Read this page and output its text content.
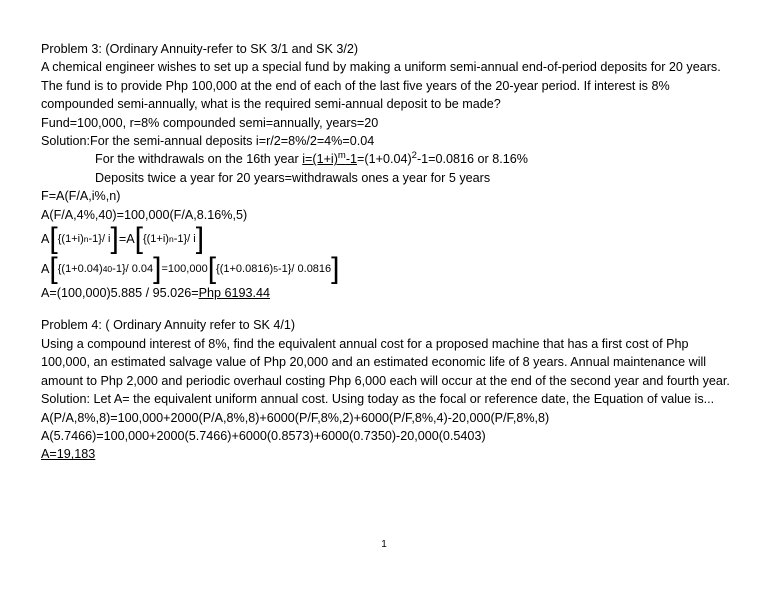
Problem 3: (Ordinary Annuity-refer to SK 3/1 and SK 3/2)
A chemical engineer wishes to set up a special fund by making a uniform semi-annual end-of-period deposits for 20 years. The fund is to provide Php 100,000 at the end of each of the last five years of the 20-year period. If interest is 8% compounded semi-annually, what is the required semi-annual deposit to be made?
Fund=100,000, r=8% compounded semi=annually, years=20
Solution:For the semi-annual deposits i=r/2=8%/2=4%=0.04
For the withdrawals on the 16th year $i=(1+i)^m-1=(1+0.04)^2-1=0.0816$ or 8.16%
Deposits twice a year for 20 years=withdrawals ones a year for 5 years
F=A(F/A,i%,n)
A(F/A,4%,40)=100,000(F/A,8.16%,5)
A [ {(1+i) n -1}/ i ] =A [ {(1+i) n -1}/ i ]
A [ {(1+0.04) 40 -1}/ 0.04 ] =100,000 [ {(1+0.0816) 5 -1}/ 0.0816 ]
A=(100,000)5.885 / 95.026=Php 6193.44
Problem 4: ( Ordinary Annuity refer to SK 4/1)
Using a compound interest of 8%, find the equivalent annual cost for a proposed machine that has a first cost of Php 100,000, an estimated salvage value of Php 20,000 and an estimated economic life of 8 years. Annual maintenance will amount to Php 2,000 and periodic overhaul costing Php 6,000 each will occur at the end of the second year and fourth year.
Solution: Let A= the equivalent uniform annual cost. Using today as the focal or reference date, the Equation of value is...
A(P/A,8%,8)=100,000+2000(P/A,8%,8)+6000(P/F,8%,2)+6000(P/F,8%,4)-20,000(P/F,8%,8)
A(5.7466)=100,000+2000(5.7466)+6000(0.8573)+6000(0.7350)-20,000(0.5403)
A=19,183
1
